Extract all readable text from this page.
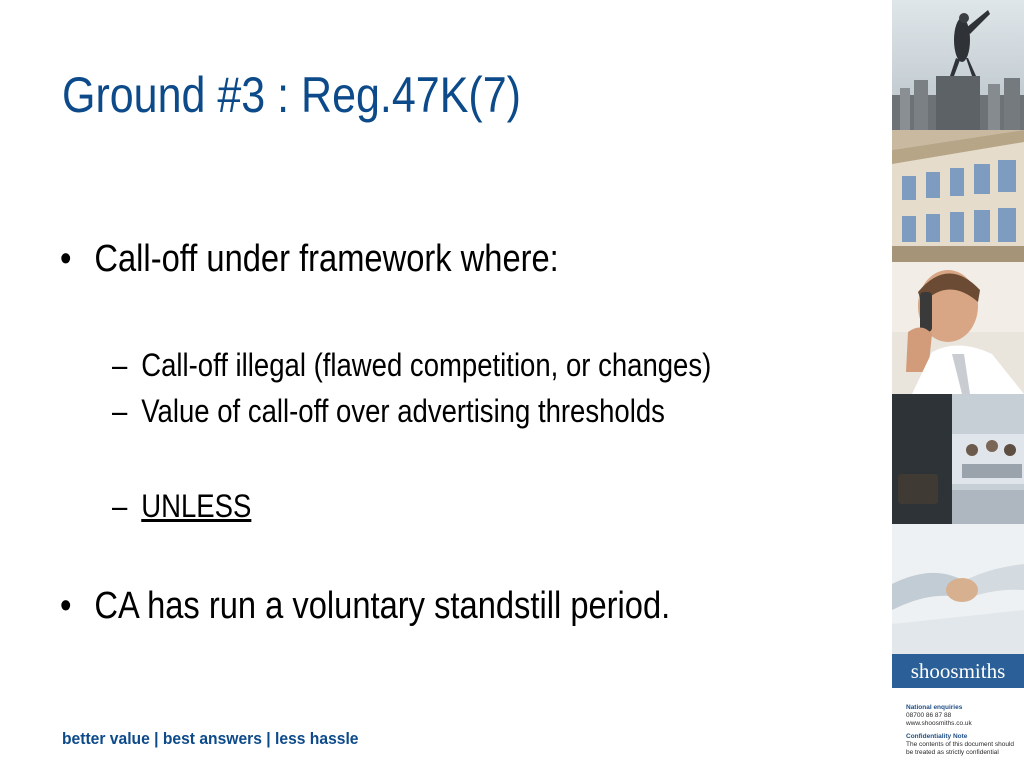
Ground #3 : Reg.47K(7)
• Call-off under framework where:
– Call-off illegal (flawed competition, or changes)
– Value of call-off over advertising thresholds
– UNLESS
• CA has run a voluntary standstill period.
better value | best answers | less hassle
shoosmiths
National enquiries
08700 86 87 88
www.shoosmiths.co.uk
Confidentiality Note
The contents of this document should
be treated as strictly confidential
